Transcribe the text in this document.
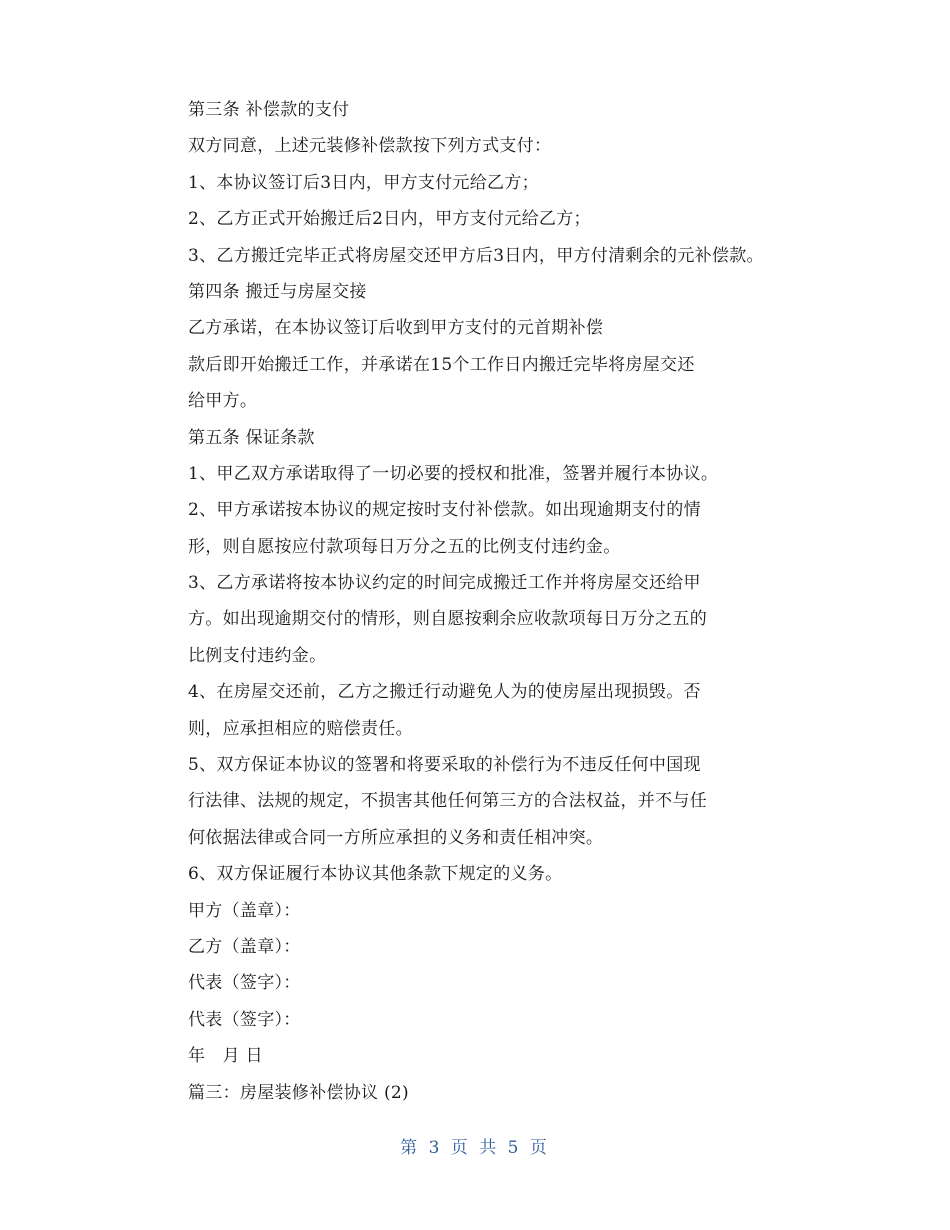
第三条 补偿款的支付
双方同意，上述元装修补偿款按下列方式支付：
1、本协议签订后3日内，甲方支付元给乙方；
2、乙方正式开始搬迁后2日内，甲方支付元给乙方；
3、乙方搬迁完毕正式将房屋交还甲方后3日内，甲方付清剩余的元补偿款。
第四条 搬迁与房屋交接
乙方承诺，在本协议签订后收到甲方支付的元首期补偿
款后即开始搬迁工作，并承诺在15个工作日内搬迁完毕将房屋交还
给甲方。
第五条 保证条款
1、甲乙双方承诺取得了一切必要的授权和批准，签署并履行本协议。
2、甲方承诺按本协议的规定按时支付补偿款。如出现逾期支付的情
形，则自愿按应付款项每日万分之五的比例支付违约金。
3、乙方承诺将按本协议约定的时间完成搬迁工作并将房屋交还给甲
方。如出现逾期交付的情形，则自愿按剩余应收款项每日万分之五的
比例支付违约金。
4、在房屋交还前，乙方之搬迁行动避免人为的使房屋出现损毁。否
则，应承担相应的赔偿责任。
5、双方保证本协议的签署和将要采取的补偿行为不违反任何中国现
行法律、法规的规定，不损害其他任何第三方的合法权益，并不与任
何依据法律或合同一方所应承担的义务和责任相冲突。
6、双方保证履行本协议其他条款下规定的义务。
甲方（盖章）：
乙方（盖章）：
代表（签字）：
代表（签字）：
年　月 日
篇三：房屋装修补偿协议 (2)
第 3 页 共 5 页
